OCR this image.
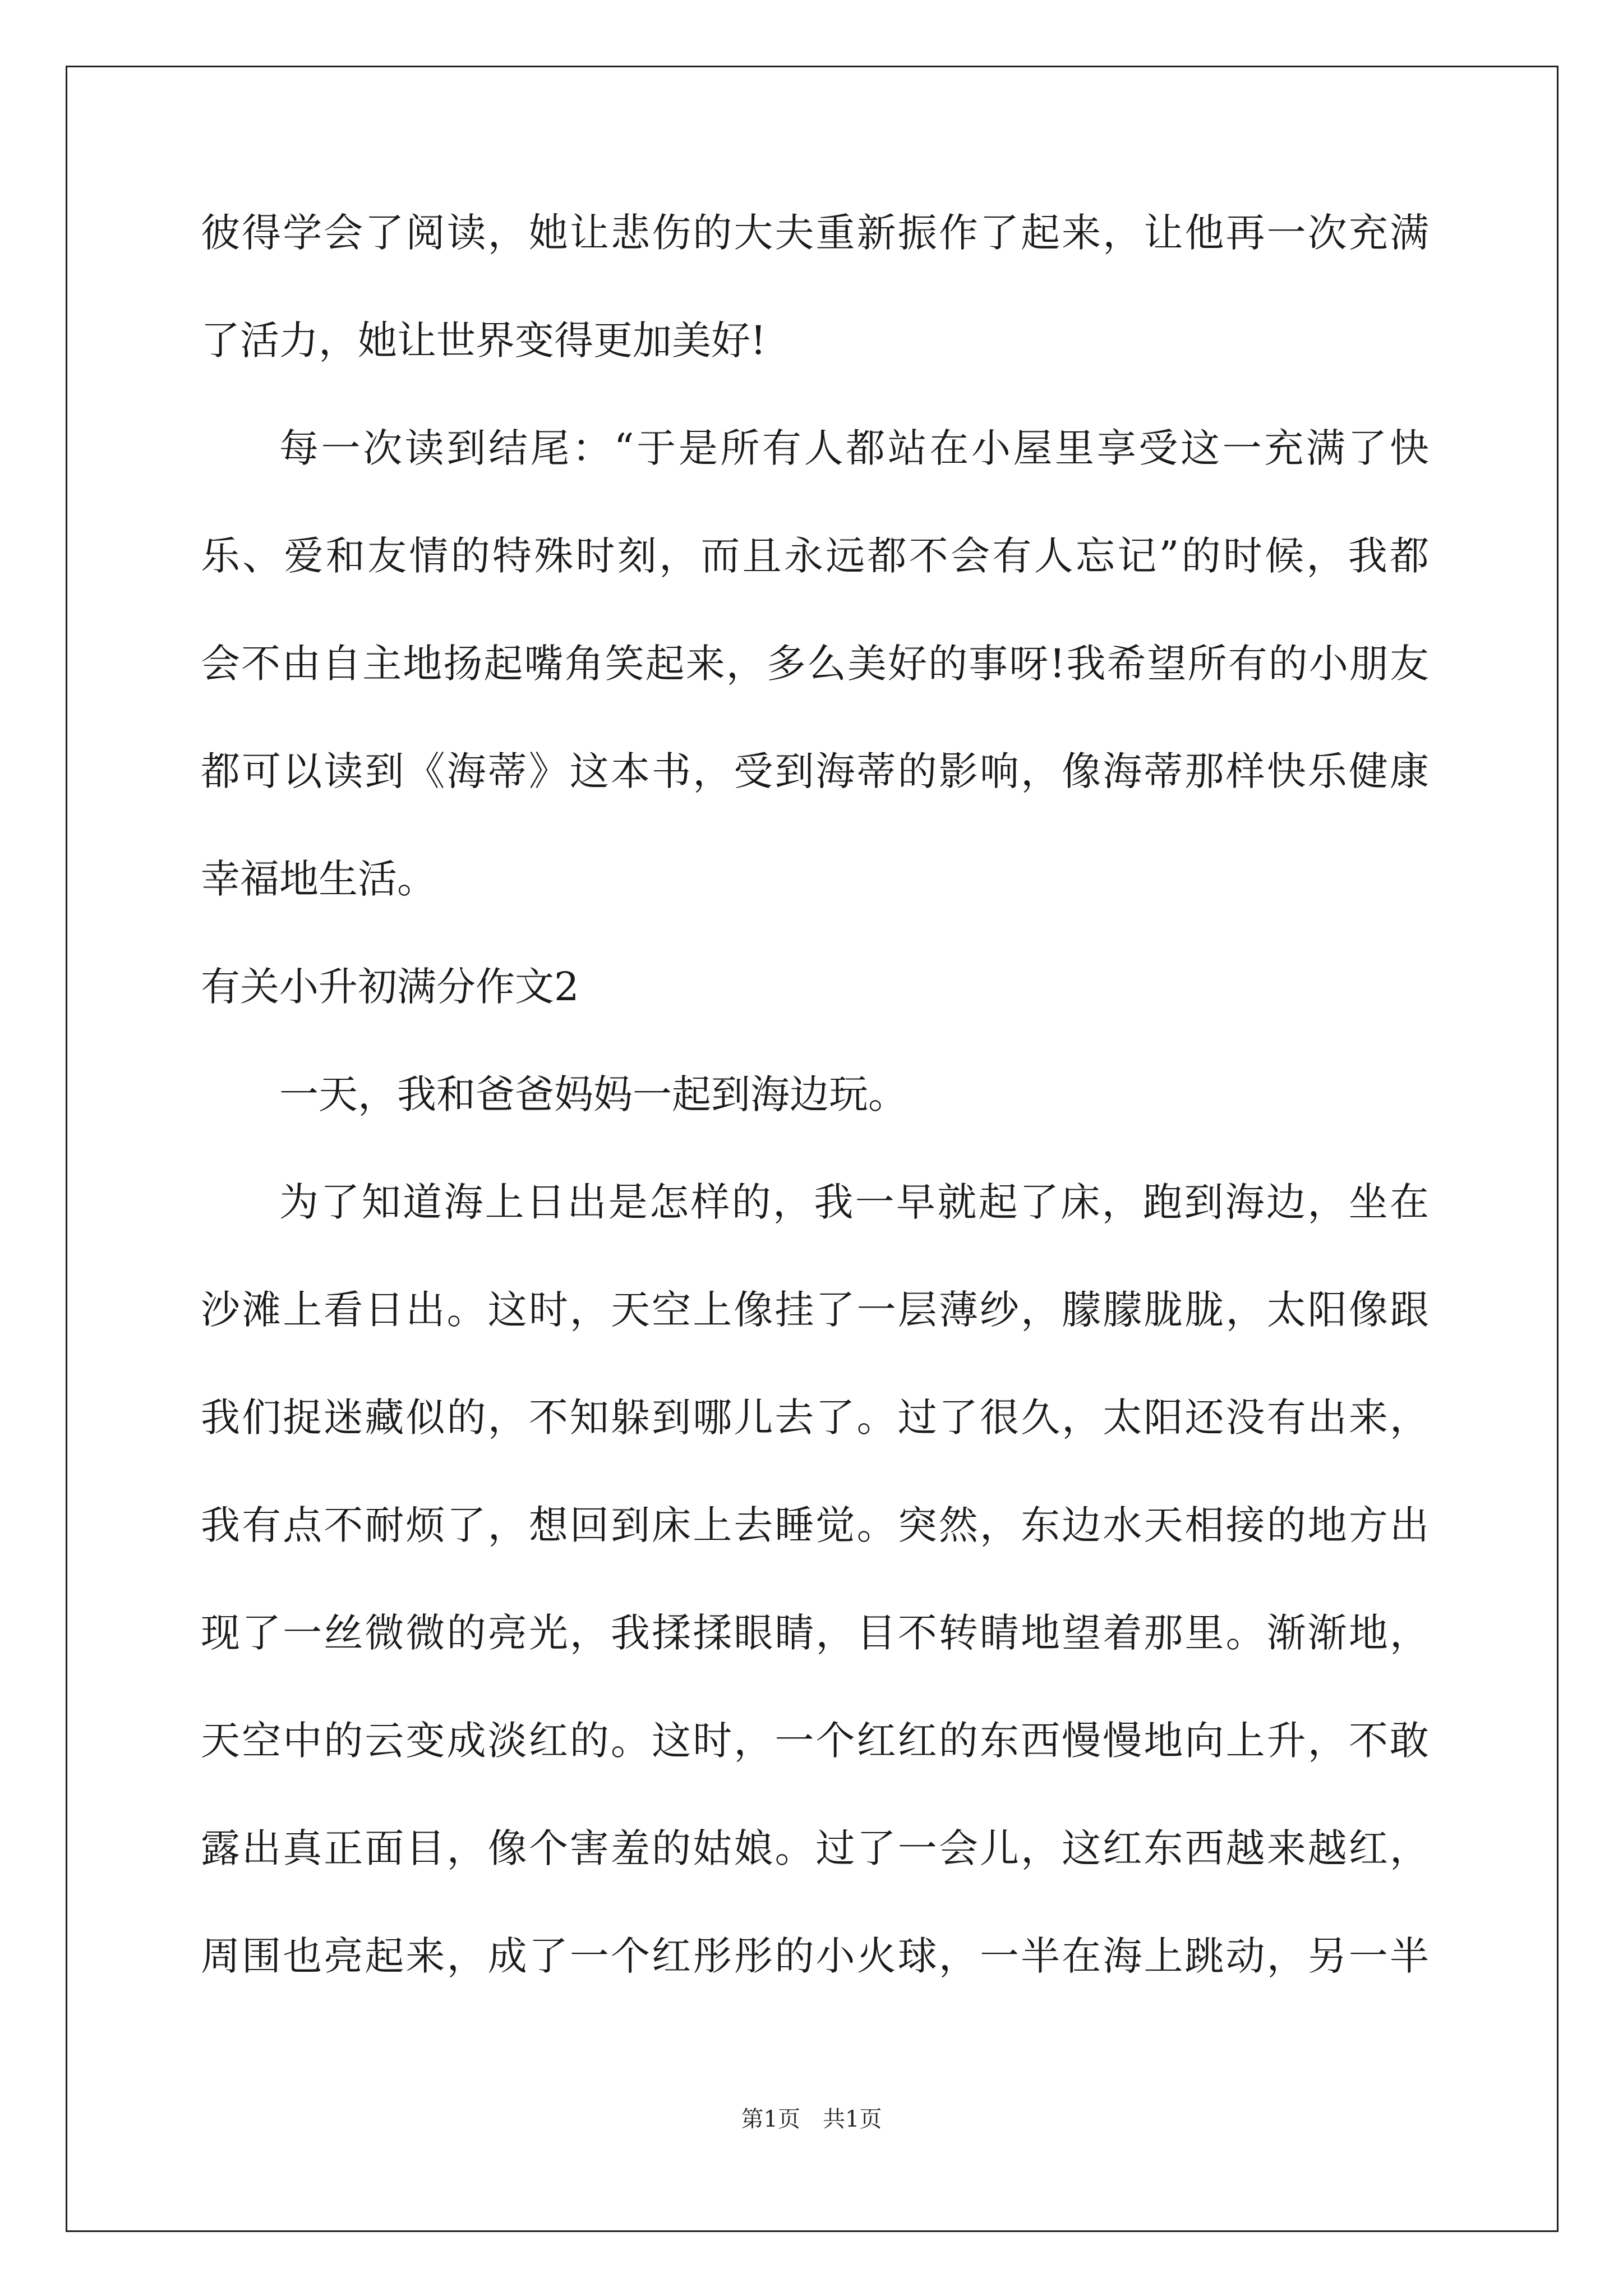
彼得学会了阅读，她让悲伤的大夫重新振作了起来，让他再一次充满
了活力，她让世界变得更加美好!
每一次读到结尾：“于是所有人都站在小屋里享受这一充满了快
乐、爱和友情的特殊时刻，而且永远都不会有人忘记”的时候，我都
会不由自主地扬起嘴角笑起来，多么美好的事呀!我希望所有的小朋友
都可以读到《海蒂》这本书，受到海蒂的影响，像海蒂那样快乐健康
幸福地生活。
有关小升初满分作文2
一天，我和爸爸妈妈一起到海边玩。
为了知道海上日出是怎样的，我一早就起了床，跑到海边，坐在
沙滩上看日出。这时，天空上像挂了一层薄纱，朦朦胧胧，太阳像跟
我们捉迷藏似的，不知躲到哪儿去了。过了很久，太阳还没有出来，
我有点不耐烦了，想回到床上去睡觉。突然，东边水天相接的地方出
现了一丝微微的亮光，我揉揉眼睛，目不转睛地望着那里。渐渐地，
天空中的云变成淡红的。这时，一个红红的东西慢慢地向上升，不敢
露出真正面目，像个害羞的姑娘。过了一会儿，这红东西越来越红，
周围也亮起来，成了一个红彤彤的小火球，一半在海上跳动，另一半
第1页 共1页
